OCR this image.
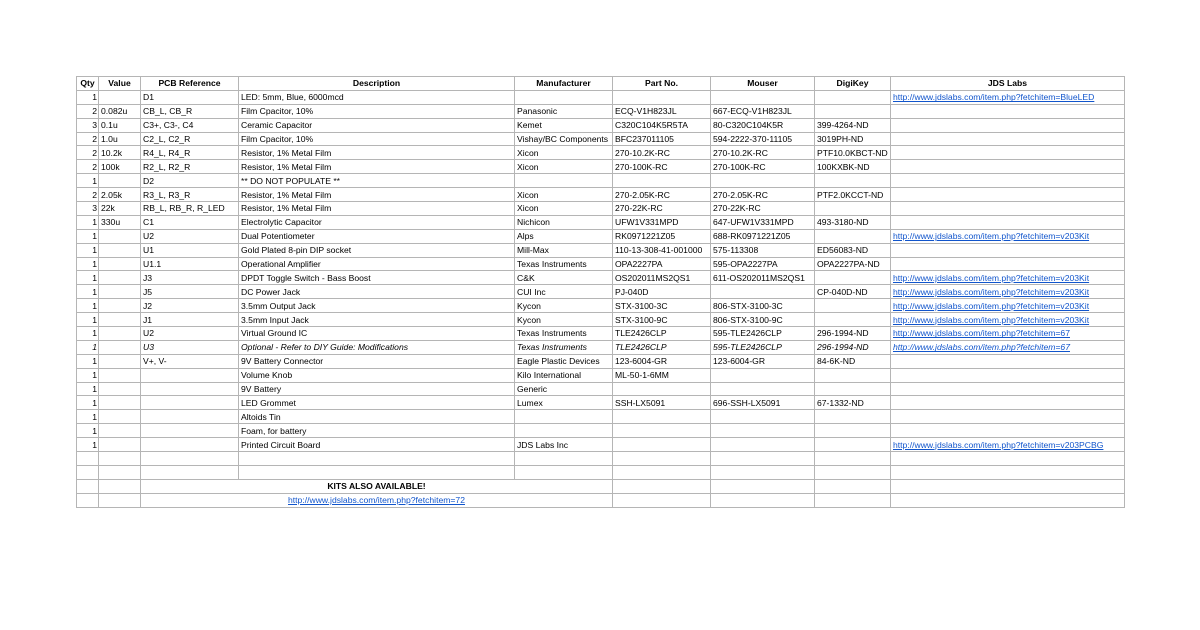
Qty	Value	PCB Reference	Description	Manufacturer	Part No.	Mouser	DigiKey	JDS Labs
1		D1	LED: 5mm, Blue, 6000mcd					http://www.jdslabs.com/item.php?fetchitem=BlueLED
2	0.082u	CB_L, CB_R	Film Cpacitor, 10%	Panasonic	ECQ-V1H823JL	667-ECQ-V1H823JL		
3	0.1u	C3+, C3-, C4	Ceramic Capacitor	Kemet	C320C104K5R5TA	80-C320C104K5R	399-4264-ND	
2	1.0u	C2_L, C2_R	Film Cpacitor, 10%	Vishay/BC Components	BFC237011105	594-2222-370-11105	3019PH-ND	
2	10.2k	R4_L, R4_R	Resistor, 1% Metal Film	Xicon	270-10.2K-RC	270-10.2K-RC	PTF10.0KBCT-ND	
2	100k	R2_L, R2_R	Resistor, 1% Metal Film	Xicon	270-100K-RC	270-100K-RC	100KXBK-ND	
1		D2	** DO NOT POPULATE **					
2	2.05k	R3_L, R3_R	Resistor, 1% Metal Film	Xicon	270-2.05K-RC	270-2.05K-RC	PTF2.0KCCT-ND	
3	22k	RB_L, RB_R, R_LED	Resistor, 1% Metal Film	Xicon	270-22K-RC	270-22K-RC		
1	330u	C1	Electrolytic Capacitor	Nichicon	UFW1V331MPD	647-UFW1V331MPD	493-3180-ND	
1		U2	Dual Potentiometer	Alps	RK0971221Z05	688-RK0971221Z05		http://www.jdslabs.com/item.php?fetchitem=v203Kit
1		U1	Gold Plated 8-pin DIP socket	Mill-Max	110-13-308-41-001000	575-113308	ED56083-ND	
1		U1.1	Operational Amplifier	Texas Instruments	OPA2227PA	595-OPA2227PA	OPA2227PA-ND	
1		J3	DPDT Toggle Switch - Bass Boost	C&K	OS202011MS2QS1	611-OS202011MS2QS1		http://www.jdslabs.com/item.php?fetchitem=v203Kit
1		J5	DC Power Jack	CUI Inc	PJ-040D		CP-040D-ND	http://www.jdslabs.com/item.php?fetchitem=v203Kit
1		J2	3.5mm Output Jack	Kycon	STX-3100-3C	806-STX-3100-3C		http://www.jdslabs.com/item.php?fetchitem=v203Kit
1		J1	3.5mm Input Jack	Kycon	STX-3100-9C	806-STX-3100-9C		http://www.jdslabs.com/item.php?fetchitem=v203Kit
1		U2	Virtual Ground IC	Texas Instruments	TLE2426CLP	595-TLE2426CLP	296-1994-ND	http://www.jdslabs.com/item.php?fetchitem=67
1		U3	Optional - Refer to DIY Guide: Modifications	Texas Instruments	TLE2426CLP	595-TLE2426CLP	296-1994-ND	http://www.jdslabs.com/item.php?fetchitem=67
1		V+, V-	9V Battery Connector	Eagle Plastic Devices	123-6004-GR	123-6004-GR	84-6K-ND	
1			Volume Knob	Kilo International	ML-50-1-6MM			
1			9V Battery	Generic				
1			LED Grommet	Lumex	SSH-LX5091	696-SSH-LX5091	67-1332-ND	
1			Altoids Tin					
1			Foam, for battery					
1			Printed Circuit Board	JDS Labs Inc				http://www.jdslabs.com/item.php?fetchitem=v203PCBG

		KITS ALSO AVAILABLE!						
		http://www.jdslabs.com/item.php?fetchitem=72						
